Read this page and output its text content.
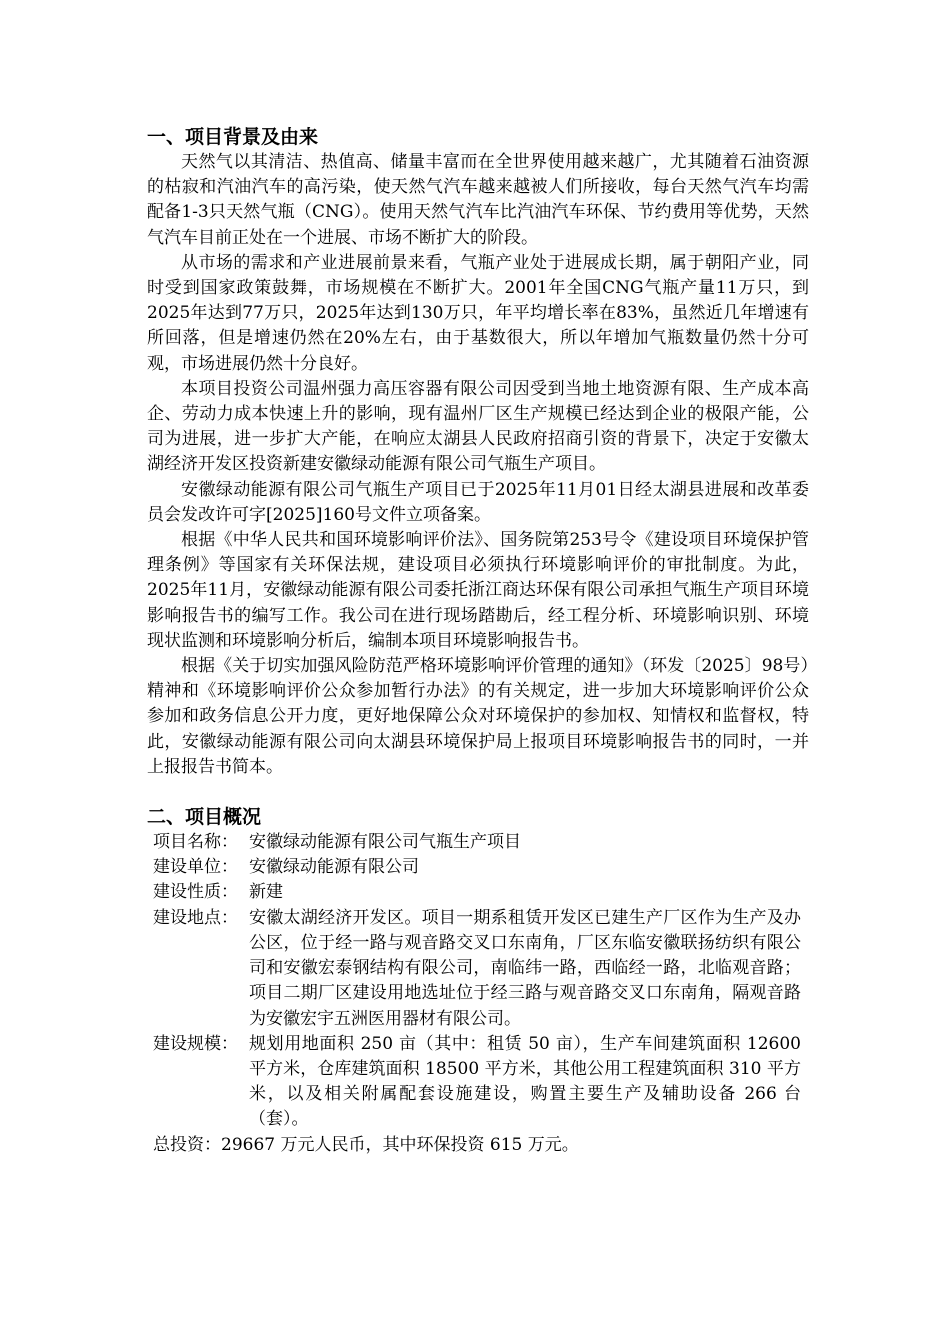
一、项目背景及由来

天然气以其清洁、热值高、储量丰富而在全世界使用越来越广，尤其随着石油资源的枯寂和汽油汽车的高污染，使天然气汽车越来越被人们所接收，每台天然气汽车均需配备1-3只天然气瓶（CNG）。使用天然气汽车比汽油汽车环保、节约费用等优势，天然气汽车目前正处在一个进展、市场不断扩大的阶段。

从市场的需求和产业进展前景来看，气瓶产业处于进展成长期，属于朝阳产业，同时受到国家政策鼓舞，市场规模在不断扩大。2001年全国CNG气瓶产量11万只，到2025年达到77万只，2025年达到130万只，年平均增长率在83%，虽然近几年增速有所回落，但是增速仍然在20%左右，由于基数很大，所以年增加气瓶数量仍然十分可观，市场进展仍然十分良好。

本项目投资公司温州强力高压容器有限公司因受到当地土地资源有限、生产成本高企、劳动力成本快速上升的影响，现有温州厂区生产规模已经达到企业的极限产能，公司为进展，进一步扩大产能，在响应太湖县人民政府招商引资的背景下，决定于安徽太湖经济开发区投资新建安徽绿动能源有限公司气瓶生产项目。

安徽绿动能源有限公司气瓶生产项目已于2025年11月01日经太湖县进展和改革委员会发改许可字[2025]160号文件立项备案。

根据《中华人民共和国环境影响评价法》、国务院第253号令《建设项目环境保护管理条例》等国家有关环保法规，建设项目必须执行环境影响评价的审批制度。为此，2025年11月，安徽绿动能源有限公司委托浙江商达环保有限公司承担气瓶生产项目环境影响报告书的编写工作。我公司在进行现场踏勘后，经工程分析、环境影响识别、环境现状监测和环境影响分析后，编制本项目环境影响报告书。

根据《关于切实加强风险防范严格环境影响评价管理的通知》（环发〔2025〕98号）精神和《环境影响评价公众参加暂行办法》的有关规定，进一步加大环境影响评价公众参加和政务信息公开力度，更好地保障公众对环境保护的参加权、知情权和监督权，特此，安徽绿动能源有限公司向太湖县环境保护局上报项目环境影响报告书的同时，一并上报报告书简本。

二、项目概况
项目名称： 安徽绿动能源有限公司气瓶生产项目
建设单位： 安徽绿动能源有限公司
建设性质： 新建
建设地点： 安徽太湖经济开发区。项目一期系租赁开发区已建生产厂区作为生产及办公区，位于经一路与观音路交叉口东南角，厂区东临安徽联扬纺织有限公司和安徽宏泰钢结构有限公司，南临纬一路，西临经一路，北临观音路；项目二期厂区建设用地选址位于经三路与观音路交叉口东南角，隔观音路为安徽宏宇五洲医用器材有限公司。
建设规模： 规划用地面积 250 亩（其中：租赁 50 亩），生产车间建筑面积 12600 平方米，仓库建筑面积 18500 平方米，其他公用工程建筑面积 310 平方米，以及相关附属配套设施建设，购置主要生产及辅助设备 266 台（套）。
总投资： 29667 万元人民币，其中环保投资 615 万元。
